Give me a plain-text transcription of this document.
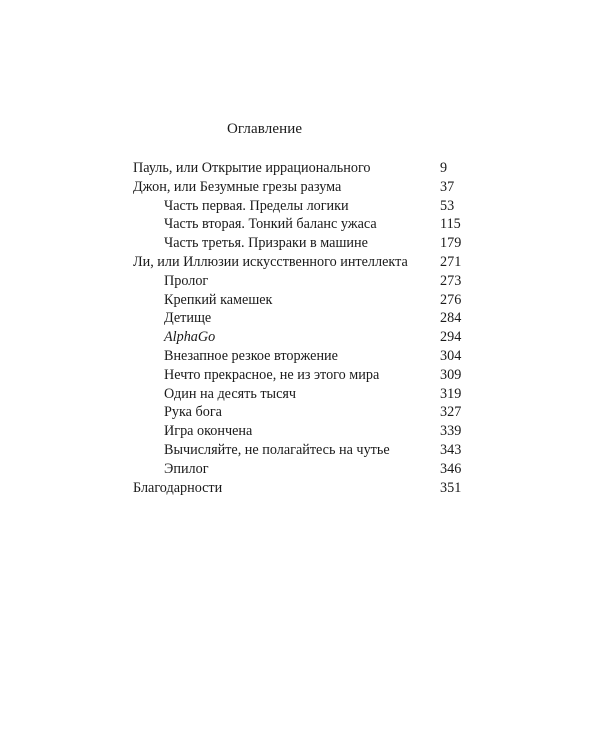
Оглавление
Пауль, или Открытие иррационального	9
Джон, или Безумные грезы разума	37
Часть первая. Пределы логики	53
Часть вторая. Тонкий баланс ужаса	115
Часть третья. Призраки в машине	179
Ли, или Иллюзии искусственного интеллекта 271
Пролог	273
Крепкий камешек	276
Детище	284
AlphaGo	294
Внезапное резкое вторжение	304
Нечто прекрасное, не из этого мира	309
Один на десять тысяч	319
Рука бога	327
Игра окончена	339
Вычисляйте, не полагайтесь на чутье	343
Эпилог	346
Благодарности	351
